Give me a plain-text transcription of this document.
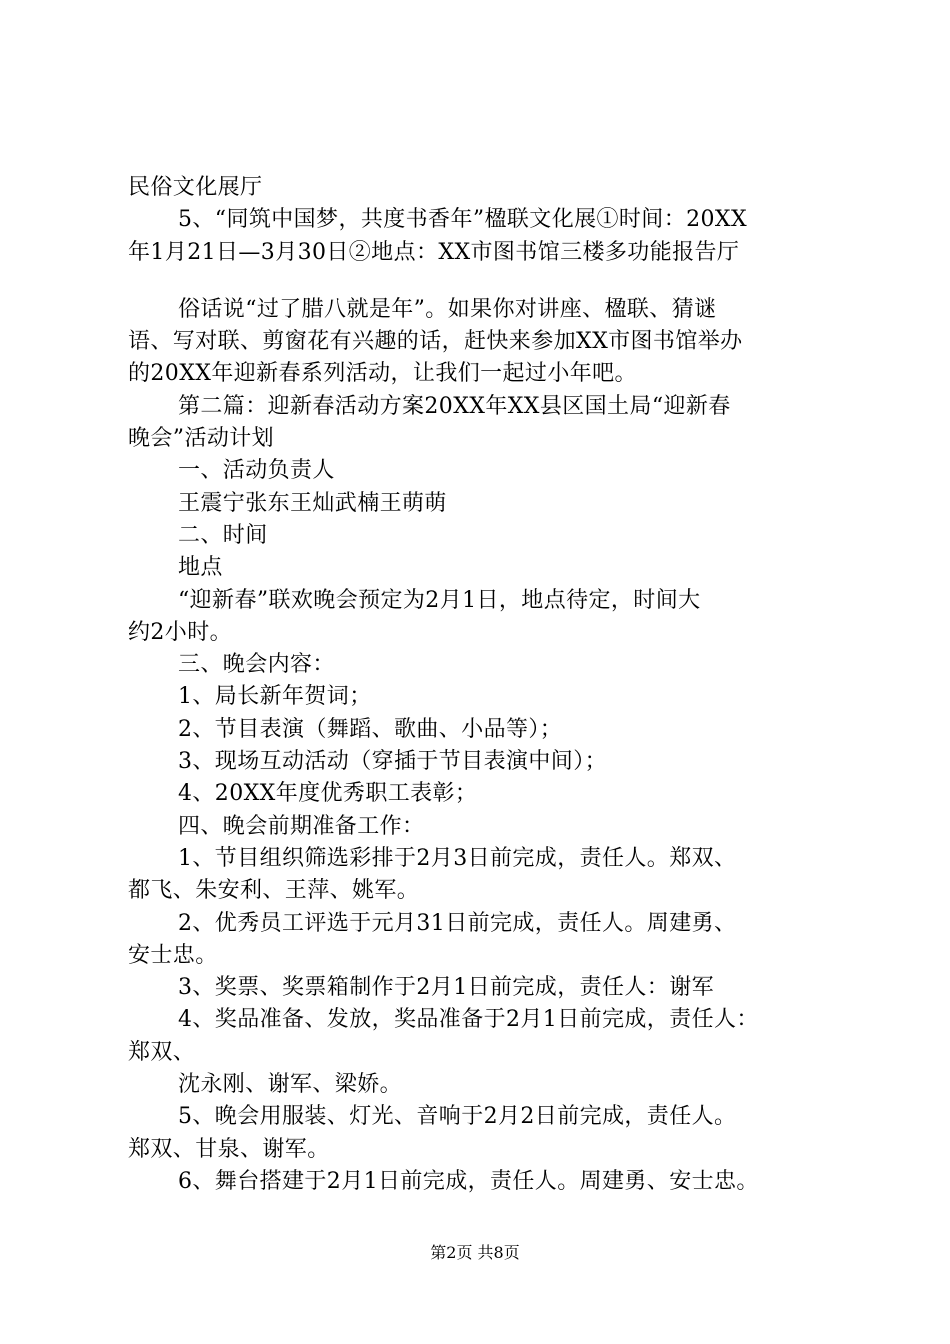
民俗文化展厅
5、“同筑中国梦，共度书香年”楹联文化展①时间：20XX
年1月21日—3月30日②地点：XX市图书馆三楼多功能报告厅
俗话说“过了腊八就是年”。如果你对讲座、楹联、猜谜
语、写对联、剪窗花有兴趣的话，赶快来参加XX市图书馆举办
的20XX年迎新春系列活动，让我们一起过小年吧。
第二篇：迎新春活动方案20XX年XX县区国土局“迎新春
晚会”活动计划
一、活动负责人
王震宁张东王灿武楠王萌萌
二、时间
地点
“迎新春”联欢晚会预定为2月1日，地点待定，时间大
约2小时。
三、晚会内容：
1、局长新年贺词；
2、节目表演（舞蹈、歌曲、小品等）；
3、现场互动活动（穿插于节目表演中间）；
4、20XX年度优秀职工表彰；
四、晚会前期准备工作：
1、节目组织筛选彩排于2月3日前完成，责任人。郑双、
都飞、朱安利、王萍、姚军。
2、优秀员工评选于元月31日前完成，责任人。周建勇、
安士忠。
3、奖票、奖票箱制作于2月1日前完成，责任人：谢军
4、奖品准备、发放，奖品准备于2月1日前完成，责任人：
郑双、
沈永刚、谢军、梁娇。
5、晚会用服装、灯光、音响于2月2日前完成，责任人。
郑双、甘泉、谢军。
6、舞台搭建于2月1日前完成，责任人。周建勇、安士忠。
第2页 共8页
